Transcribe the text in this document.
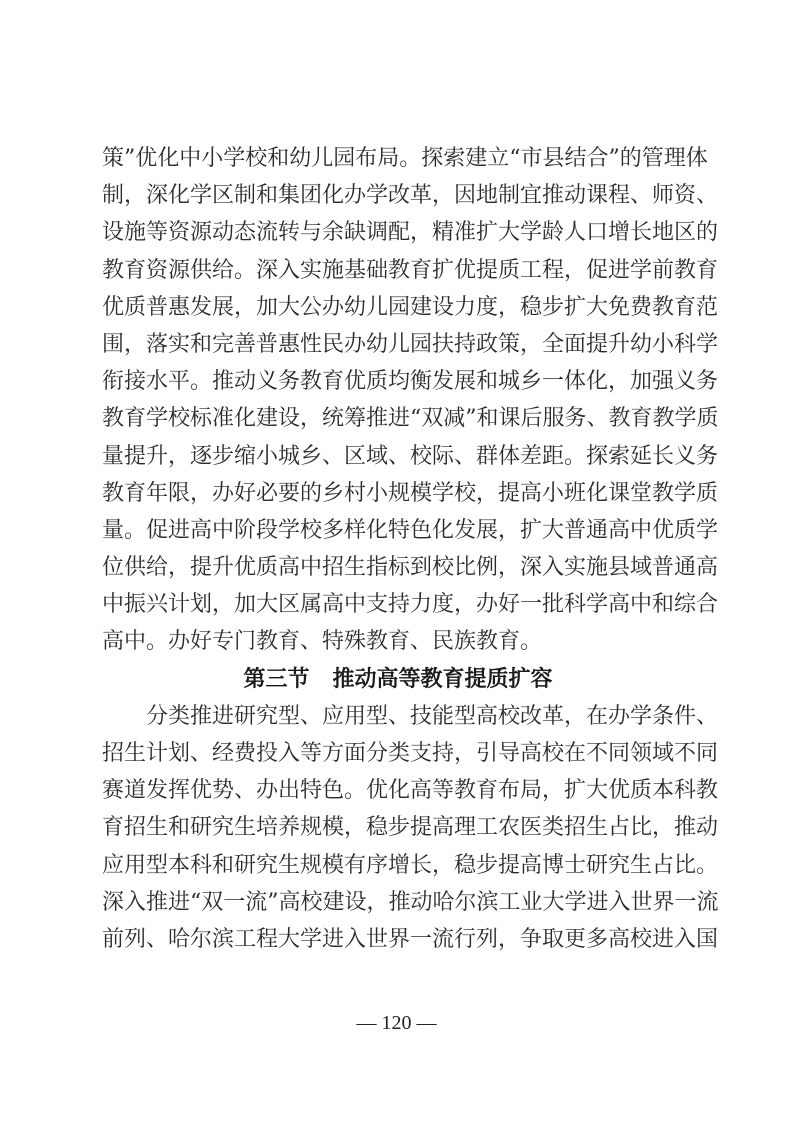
策”优化中小学校和幼儿园布局。探索建立“市县结合”的管理体
制，深化学区制和集团化办学改革，因地制宜推动课程、师资、
设施等资源动态流转与余缺调配，精准扩大学龄人口增长地区的
教育资源供给。深入实施基础教育扩优提质工程，促进学前教育
优质普惠发展，加大公办幼儿园建设力度，稳步扩大免费教育范
围，落实和完善普惠性民办幼儿园扶持政策，全面提升幼小科学
衔接水平。推动义务教育优质均衡发展和城乡一体化，加强义务
教育学校标准化建设，统筹推进“双减”和课后服务、教育教学质
量提升，逐步缩小城乡、区域、校际、群体差距。探索延长义务
教育年限，办好必要的乡村小规模学校，提高小班化课堂教学质
量。促进高中阶段学校多样化特色化发展，扩大普通高中优质学
位供给，提升优质高中招生指标到校比例，深入实施县域普通高
中振兴计划，加大区属高中支持力度，办好一批科学高中和综合
高中。办好专门教育、特殊教育、民族教育。
第三节   推动高等教育提质扩容
分类推进研究型、应用型、技能型高校改革，在办学条件、
招生计划、经费投入等方面分类支持，引导高校在不同领域不同
赛道发挥优势、办出特色。优化高等教育布局，扩大优质本科教
育招生和研究生培养规模，稳步提高理工农医类招生占比，推动
应用型本科和研究生规模有序增长，稳步提高博士研究生占比。
深入推进“双一流”高校建设，推动哈尔滨工业大学进入世界一流
前列、哈尔滨工程大学进入世界一流行列，争取更多高校进入国
— 120 —
